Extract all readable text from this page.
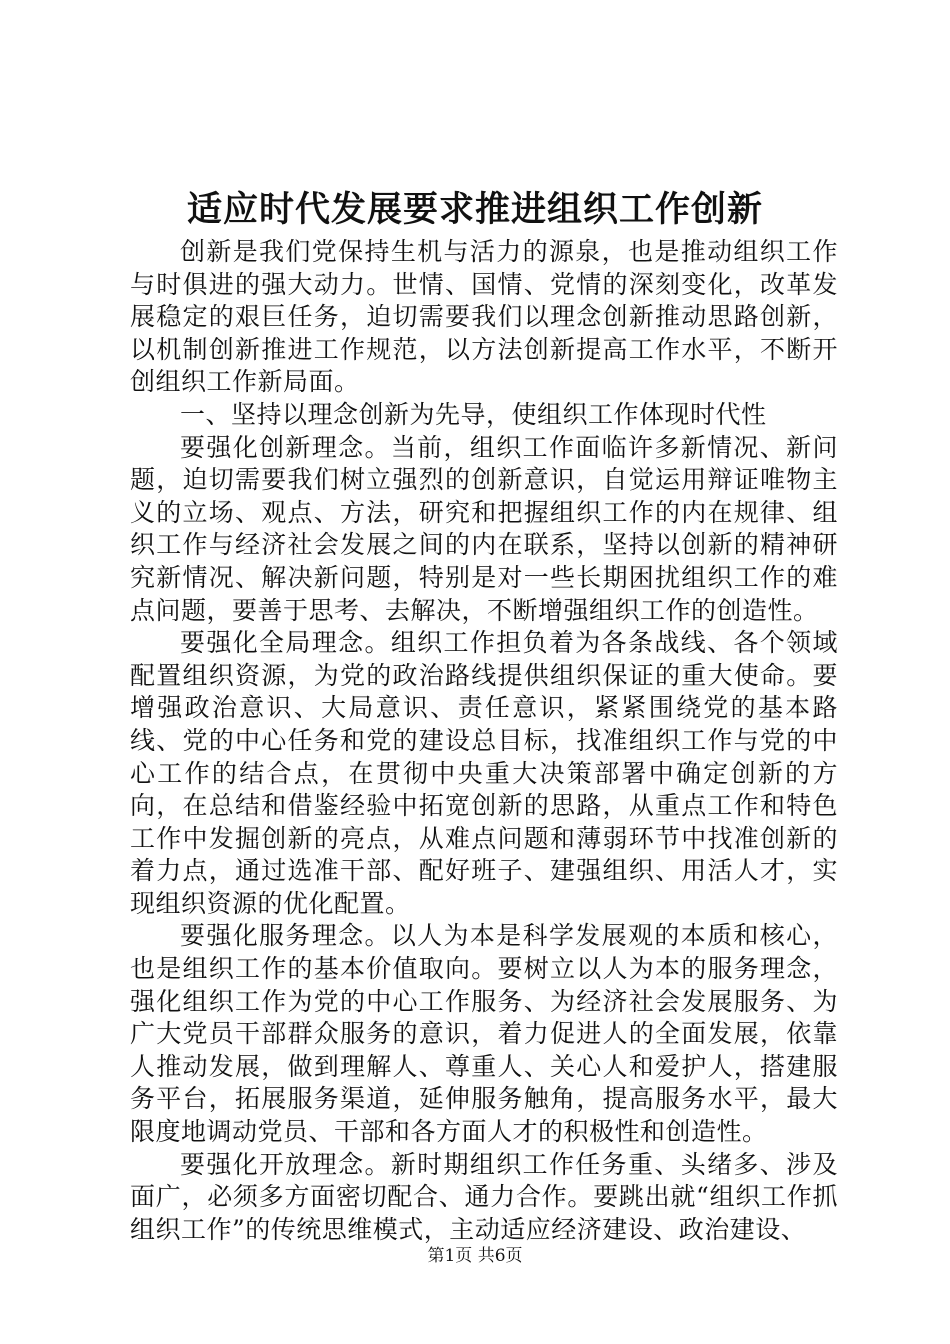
适应时代发展要求推进组织工作创新

创新是我们党保持生机与活力的源泉，也是推动组织工作与时俱进的强大动力。世情、国情、党情的深刻变化，改革发展稳定的艰巨任务，迫切需要我们以理念创新推动思路创新，以机制创新推进工作规范，以方法创新提高工作水平，不断开创组织工作新局面。

一、坚持以理念创新为先导，使组织工作体现时代性

要强化创新理念。当前，组织工作面临许多新情况、新问题，迫切需要我们树立强烈的创新意识，自觉运用辩证唯物主义的立场、观点、方法，研究和把握组织工作的内在规律、组织工作与经济社会发展之间的内在联系，坚持以创新的精神研究新情况、解决新问题，特别是对一些长期困扰组织工作的难点问题，要善于思考、去解决，不断增强组织工作的创造性。

要强化全局理念。组织工作担负着为各条战线、各个领域配置组织资源，为党的政治路线提供组织保证的重大使命。要增强政治意识、大局意识、责任意识，紧紧围绕党的基本路线、党的中心任务和党的建设总目标，找准组织工作与党的中心工作的结合点，在贯彻中央重大决策部署中确定创新的方向，在总结和借鉴经验中拓宽创新的思路，从重点工作和特色工作中发掘创新的亮点，从难点问题和薄弱环节中找准创新的着力点，通过选准干部、配好班子、建强组织、用活人才，实现组织资源的优化配置。

要强化服务理念。以人为本是科学发展观的本质和核心，也是组织工作的基本价值取向。要树立以人为本的服务理念，强化组织工作为党的中心工作服务、为经济社会发展服务、为广大党员干部群众服务的意识，着力促进人的全面发展，依靠人推动发展，做到理解人、尊重人、关心人和爱护人，搭建服务平台，拓展服务渠道，延伸服务触角，提高服务水平，最大限度地调动党员、干部和各方面人才的积极性和创造性。

要强化开放理念。新时期组织工作任务重、头绪多、涉及面广，必须多方面密切配合、通力合作。要跳出就“组织工作抓组织工作”的传统思维模式，主动适应经济建设、政治建设、

第1页 共6页
